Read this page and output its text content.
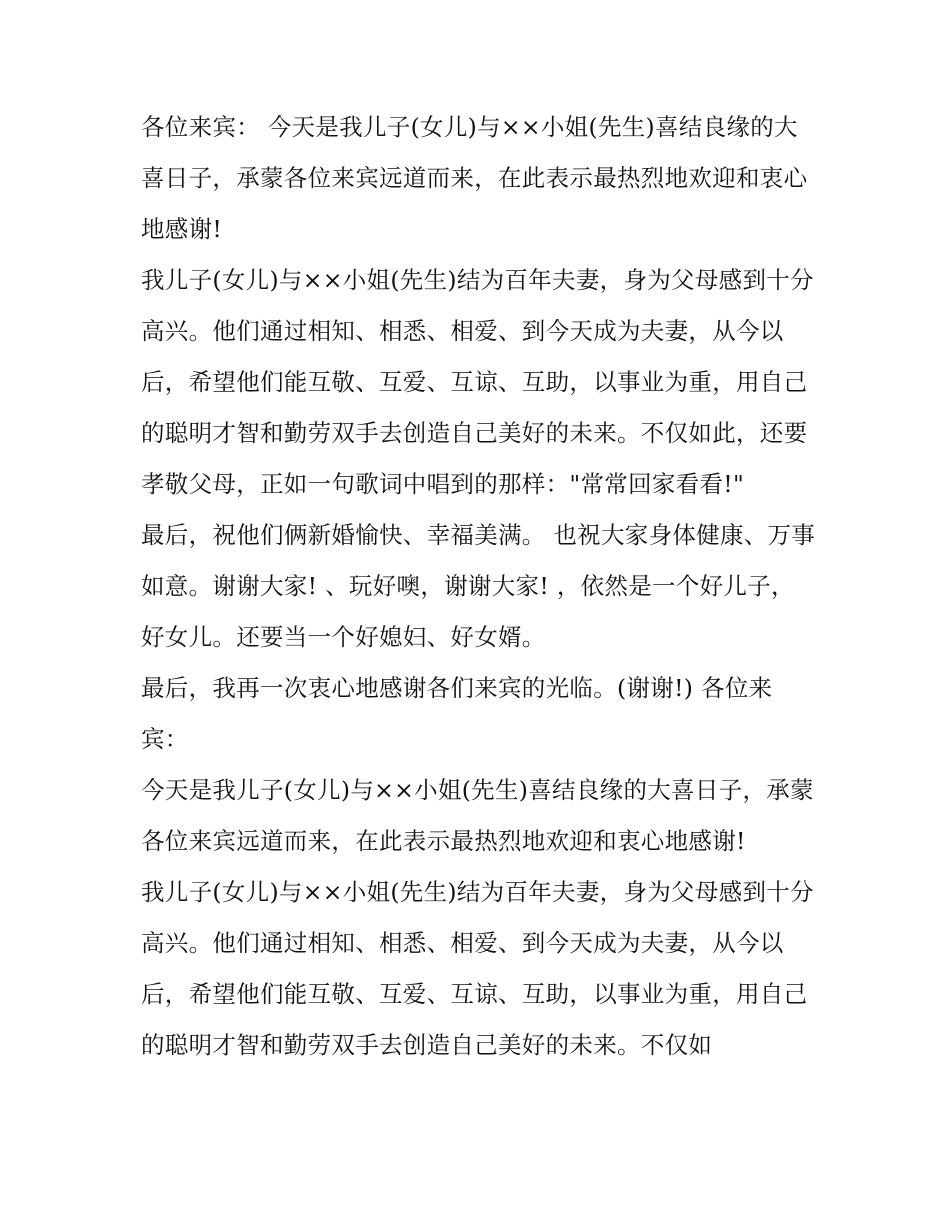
各位来宾： 今天是我儿子(女儿)与××小姐(先生)喜结良缘的大喜日子，承蒙各位来宾远道而来，在此表示最热烈地欢迎和衷心地感谢!

我儿子(女儿)与××小姐(先生)结为百年夫妻，身为父母感到十分高兴。他们通过相知、相悉、相爱、到今天成为夫妻，从今以后，希望他们能互敬、互爱、互谅、互助，以事业为重，用自己的聪明才智和勤劳双手去创造自己美好的未来。不仅如此，还要孝敬父母，正如一句歌词中唱到的那样："常常回家看看!"

最后，祝他们俩新婚愉快、幸福美满。 也祝大家身体健康、万事如意。谢谢大家! 、玩好噢，谢谢大家! ，依然是一个好儿子，好女儿。还要当一个好媳妇、好女婿。

最后，我再一次衷心地感谢各们来宾的光临。(谢谢!) 各位来宾：

今天是我儿子(女儿)与××小姐(先生)喜结良缘的大喜日子，承蒙各位来宾远道而来，在此表示最热烈地欢迎和衷心地感谢!

我儿子(女儿)与××小姐(先生)结为百年夫妻，身为父母感到十分高兴。他们通过相知、相悉、相爱、到今天成为夫妻，从今以后，希望他们能互敬、互爱、互谅、互助，以事业为重，用自己的聪明才智和勤劳双手去创造自己美好的未来。不仅如
